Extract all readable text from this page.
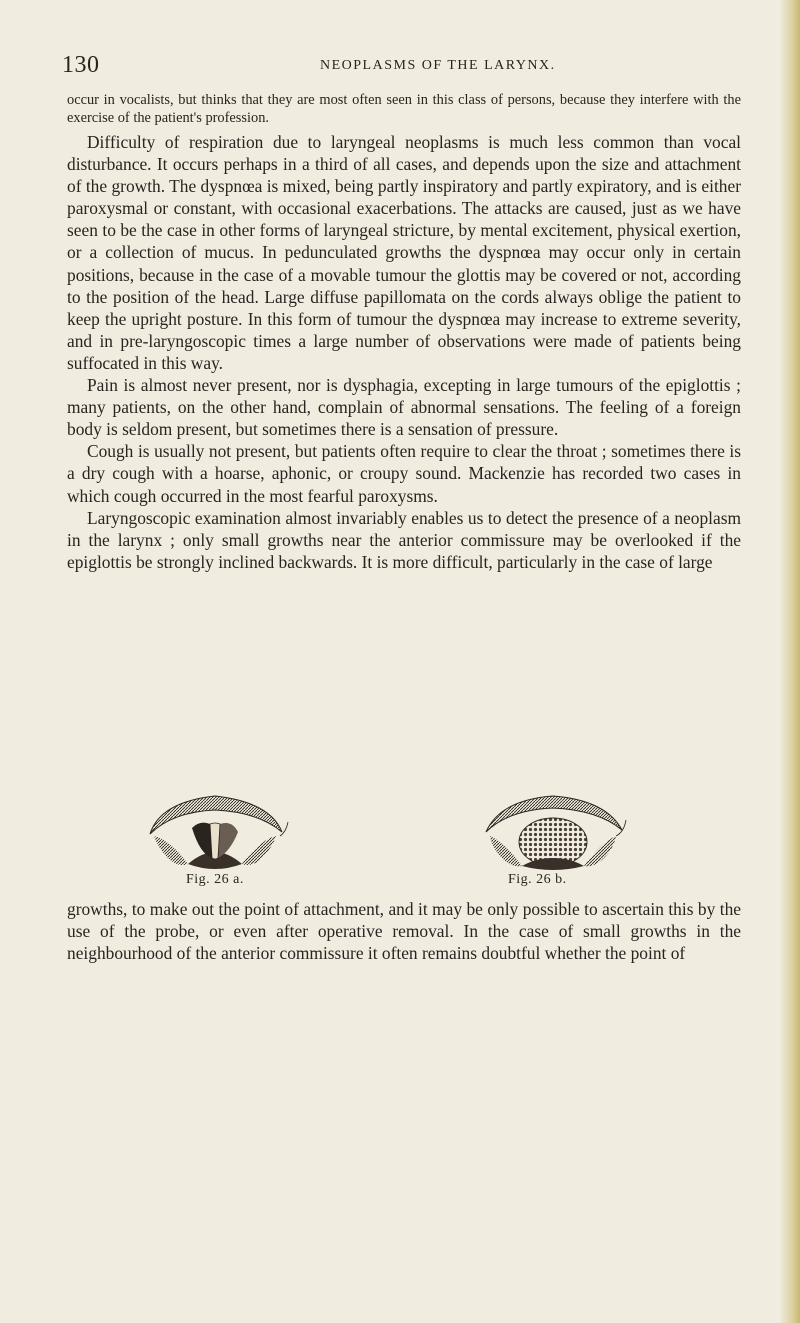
130	NEOPLASMS OF THE LARYNX.
occur in vocalists, but thinks that they are most often seen in this class of persons, because they interfere with the exercise of the patient's profession.

Difficulty of respiration due to laryngeal neoplasms is much less common than vocal disturbance. It occurs perhaps in a third of all cases, and depends upon the size and attachment of the growth. The dyspnœa is mixed, being partly inspiratory and partly expiratory, and is either paroxysmal or constant, with occasional exacerbations. The attacks are caused, just as we have seen to be the case in other forms of laryngeal stricture, by mental excitement, physical exertion, or a collection of mucus. In pedunculated growths the dyspnœa may occur only in certain positions, because in the case of a movable tumour the glottis may be covered or not, according to the position of the head. Large diffuse papillomata on the cords always oblige the patient to keep the upright posture. In this form of tumour the dyspnœa may increase to extreme severity, and in pre-laryngoscopic times a large number of observations were made of patients being suffocated in this way.

Pain is almost never present, nor is dysphagia, excepting in large tumours of the epiglottis ; many patients, on the other hand, complain of abnormal sensations. The feeling of a foreign body is seldom present, but sometimes there is a sensation of pressure.

Cough is usually not present, but patients often require to clear the throat ; sometimes there is a dry cough with a hoarse, aphonic, or croupy sound. Mackenzie has recorded two cases in which cough occurred in the most fearful paroxysms.

Laryngoscopic examination almost invariably enables us to detect the presence of a neoplasm in the larynx ; only small growths near the anterior commissure may be overlooked if the epiglottis be strongly inclined backwards. It is more difficult, particularly in the case of large

Fig. 26 a.	Fig. 26 b.

growths, to make out the point of attachment, and it may be only possible to ascertain this by the use of the probe, or even after operative removal. In the case of small growths in the neighbourhood of the anterior commissure it often remains doubtful whether the point of
